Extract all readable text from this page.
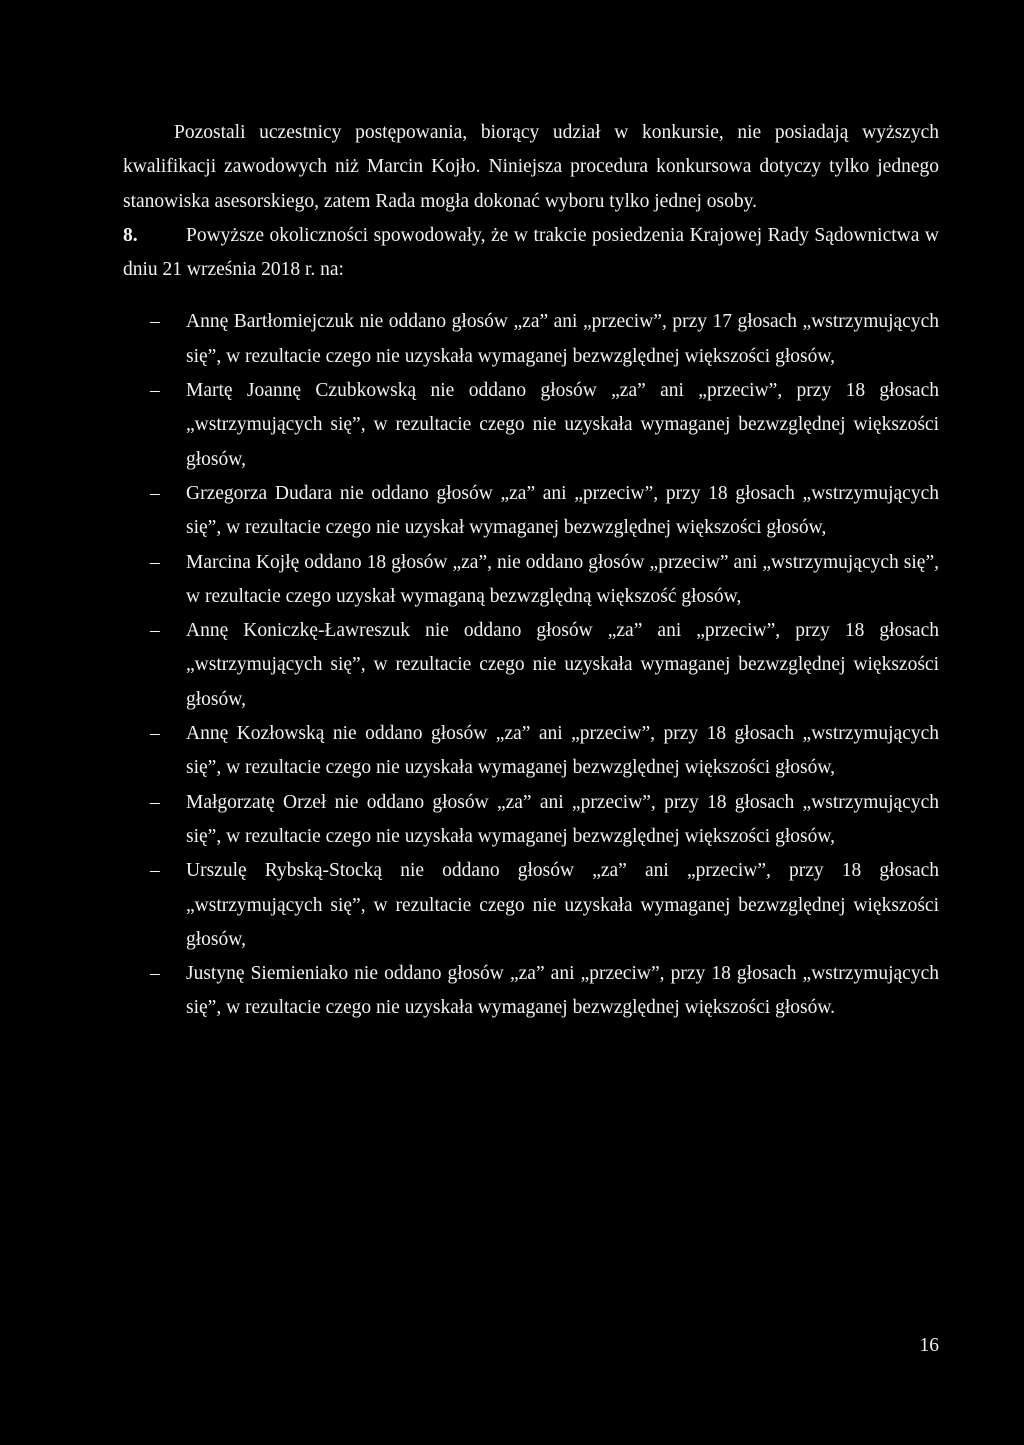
Pozostali uczestnicy postępowania, biorący udział w konkursie, nie posiadają wyższych kwalifikacji zawodowych niż Marcin Kojło. Niniejsza procedura konkursowa dotyczy tylko jednego stanowiska asesorskiego, zatem Rada mogła dokonać wyboru tylko jednej osoby.

8. Powyższe okoliczności spowodowały, że w trakcie posiedzenia Krajowej Rady Sądownictwa w dniu 21 września 2018 r. na:

– Annę Bartłomiejczuk nie oddano głosów „za” ani „przeciw”, przy 17 głosach „wstrzymujących się”, w rezultacie czego nie uzyskała wymaganej bezwzględnej większości głosów,
– Martę Joannę Czubkowską nie oddano głosów „za” ani „przeciw”, przy 18 głosach „wstrzymujących się”, w rezultacie czego nie uzyskała wymaganej bezwzględnej większości głosów,
– Grzegorza Dudara nie oddano głosów „za” ani „przeciw”, przy 18 głosach „wstrzymujących się”, w rezultacie czego nie uzyskał wymaganej bezwzględnej większości głosów,
– Marcina Kojłę oddano 18 głosów „za”, nie oddano głosów „przeciw” ani „wstrzymujących się”, w rezultacie czego uzyskał wymaganą bezwzględną większość głosów,
– Annę Koniczkę-Ławreszuk nie oddano głosów „za” ani „przeciw”, przy 18 głosach „wstrzymujących się”, w rezultacie czego nie uzyskała wymaganej bezwzględnej większości głosów,
– Annę Kozłowską nie oddano głosów „za” ani „przeciw”, przy 18 głosach „wstrzymujących się”, w rezultacie czego nie uzyskała wymaganej bezwzględnej większości głosów,
– Małgorzatę Orzeł nie oddano głosów „za” ani „przeciw”, przy 18 głosach „wstrzymujących się”, w rezultacie czego nie uzyskała wymaganej bezwzględnej większości głosów,
– Urszulę Rybską-Stocką nie oddano głosów „za” ani „przeciw”, przy 18 głosach „wstrzymujących się”, w rezultacie czego nie uzyskała wymaganej bezwzględnej większości głosów,
– Justynę Siemieniako nie oddano głosów „za” ani „przeciw”, przy 18 głosach „wstrzymujących się”, w rezultacie czego nie uzyskała wymaganej bezwzględnej większości głosów.
16
